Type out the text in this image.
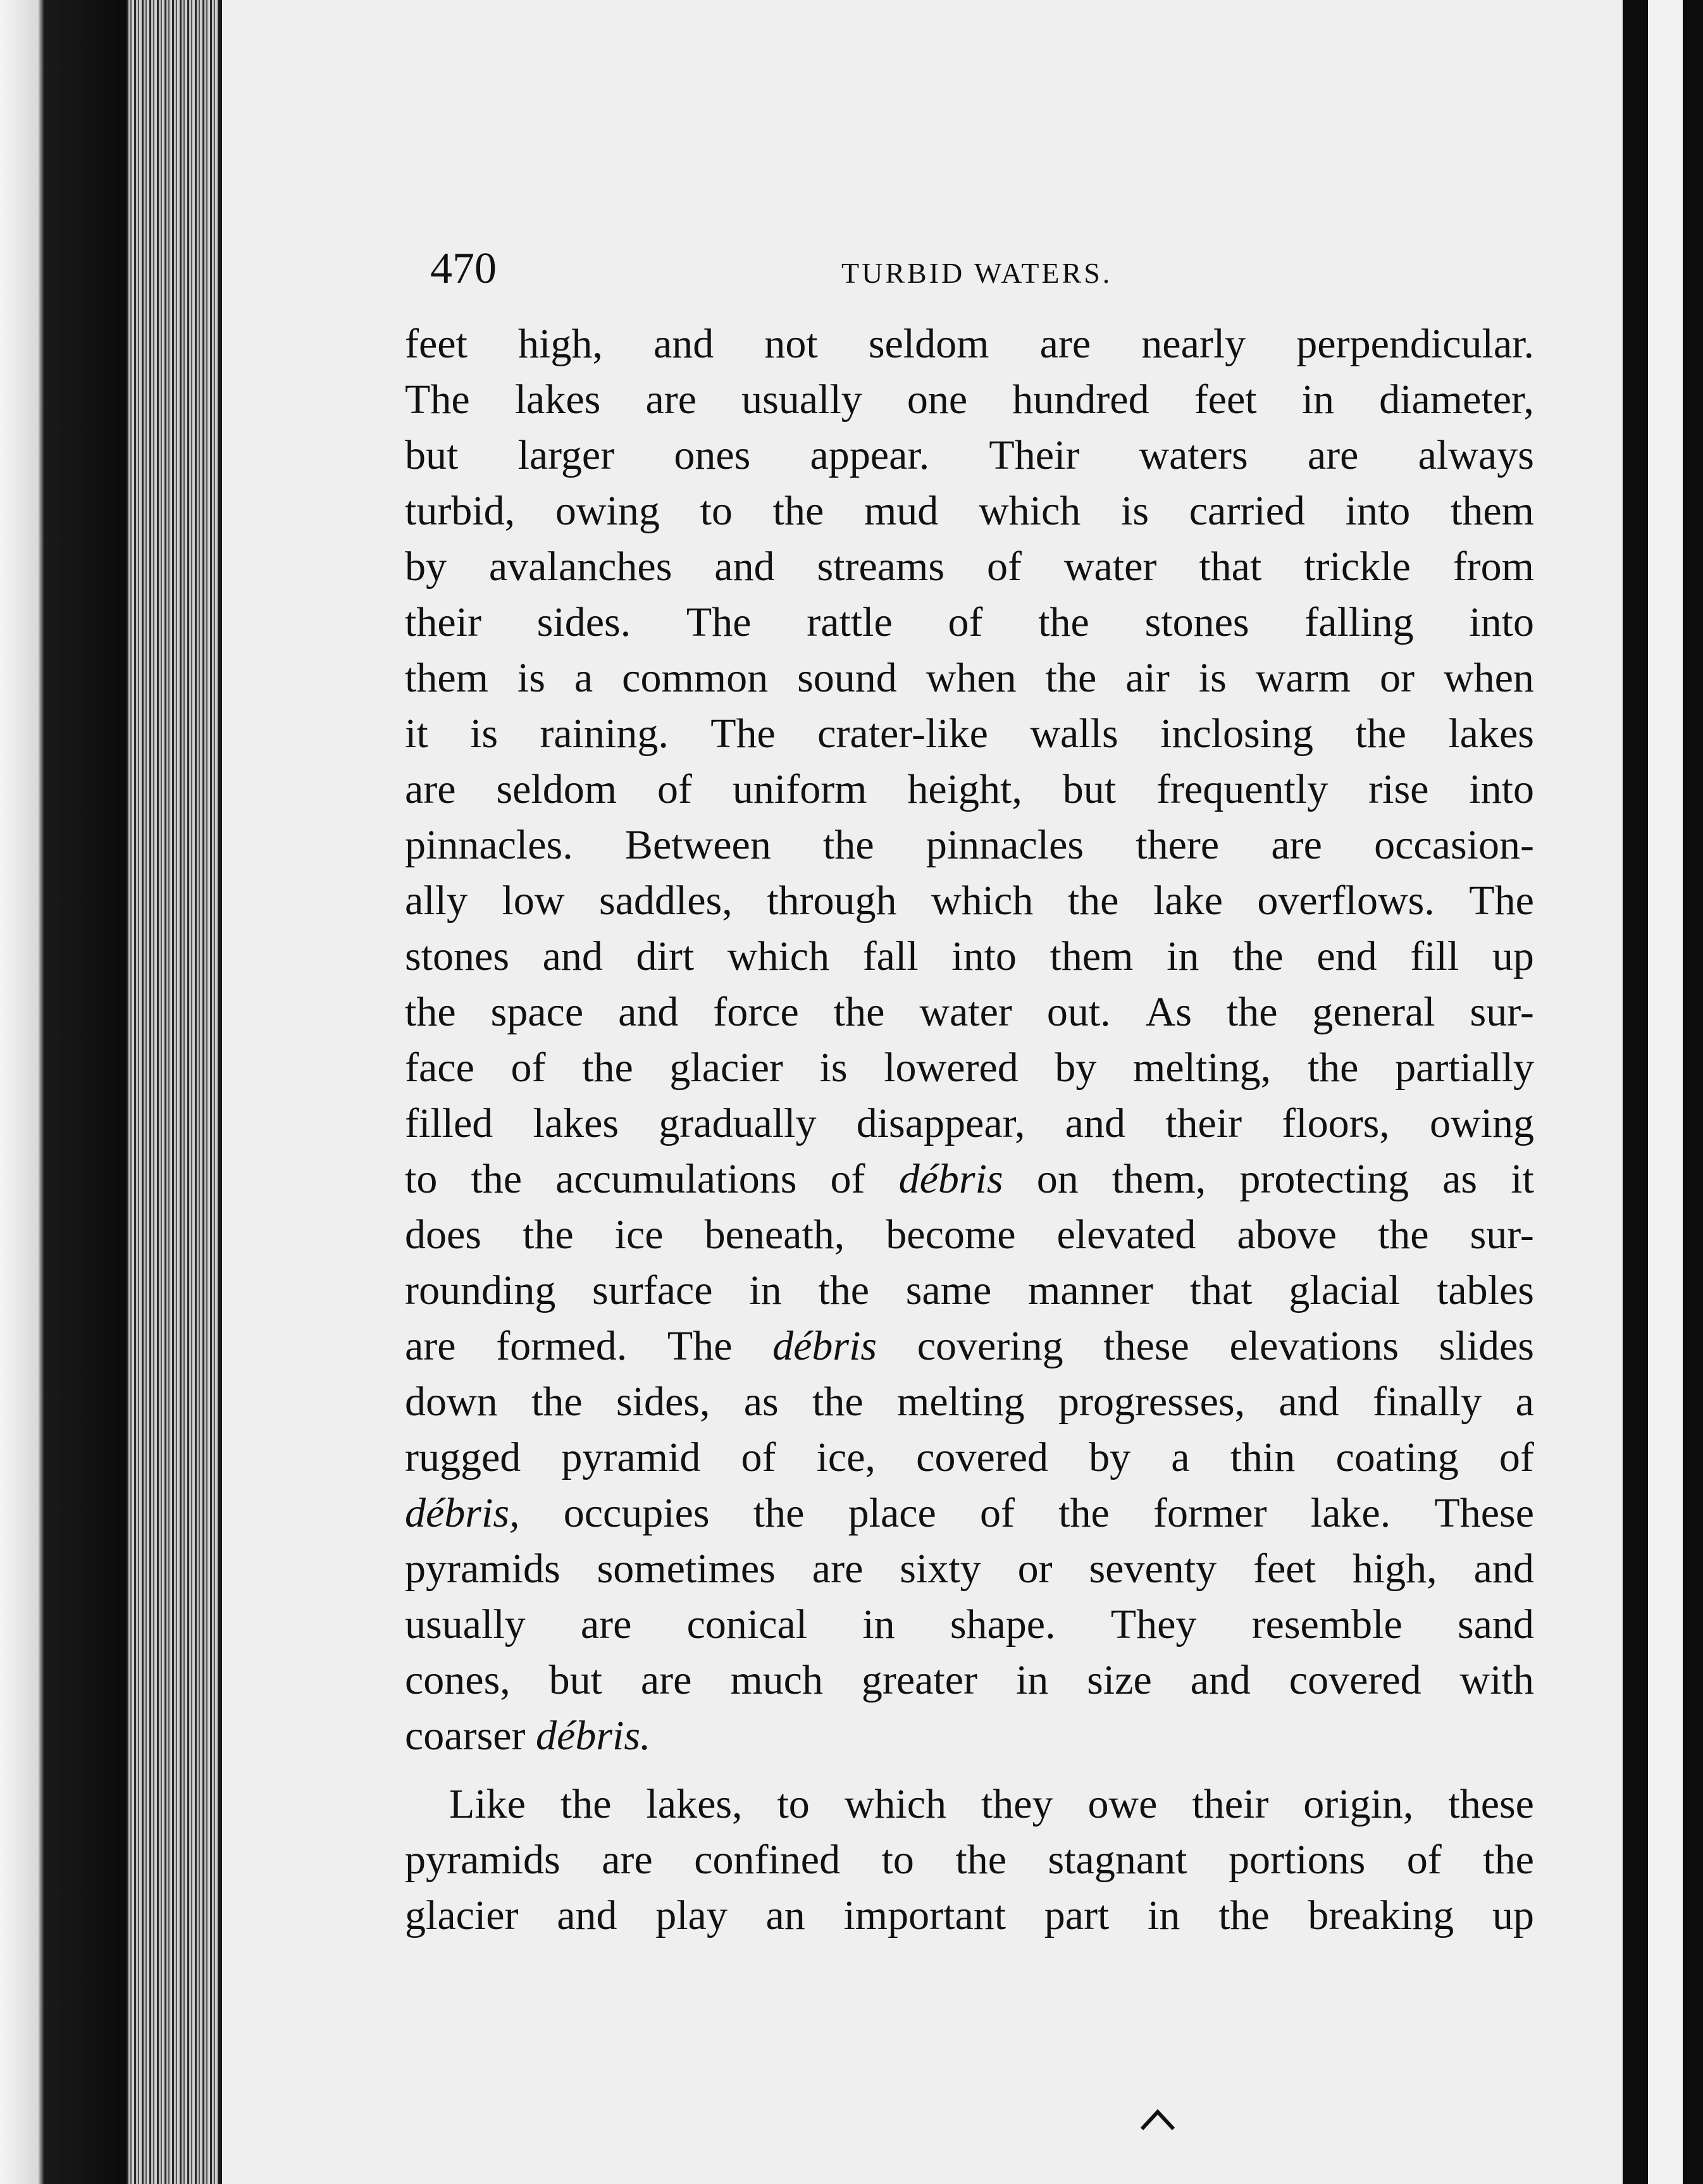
470	TURBID WATERS.
feet high, and not seldom are nearly perpendicular.
The lakes are usually one hundred feet in diameter,
but larger ones appear. Their waters are always
turbid, owing to the mud which is carried into them
by avalanches and streams of water that trickle from
their sides. The rattle of the stones falling into
them is a common sound when the air is warm or when
it is raining. The crater-like walls inclosing the lakes
are seldom of uniform height, but frequently rise into
pinnacles. Between the pinnacles there are occasion-
ally low saddles, through which the lake overflows. The
stones and dirt which fall into them in the end fill up
the space and force the water out. As the general sur-
face of the glacier is lowered by melting, the partially
filled lakes gradually disappear, and their floors, owing
to the accumulations of débris on them, protecting as it
does the ice beneath, become elevated above the sur-
rounding surface in the same manner that glacial tables
are formed. The débris covering these elevations slides
down the sides, as the melting progresses, and finally a
rugged pyramid of ice, covered by a thin coating of
débris, occupies the place of the former lake. These
pyramids sometimes are sixty or seventy feet high, and
usually are conical in shape. They resemble sand
cones, but are much greater in size and covered with
coarser débris.
Like the lakes, to which they owe their origin, these
pyramids are confined to the stagnant portions of the
glacier and play an important part in the breaking up
